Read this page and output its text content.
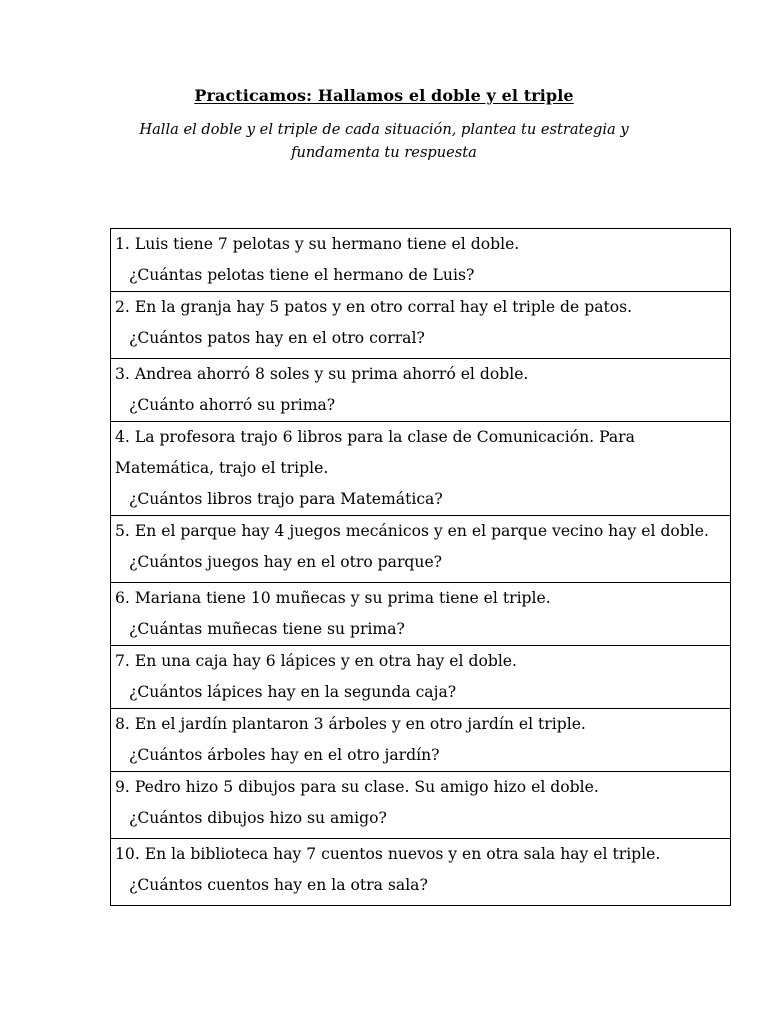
Practicamos: Hallamos el doble y el triple
Halla el doble y el triple de cada situación, plantea tu estrategia y
fundamenta tu respuesta
1. Luis tiene 7 pelotas y su hermano tiene el doble.
¿Cuántas pelotas tiene el hermano de Luis?

2. En la granja hay 5 patos y en otro corral hay el triple de patos.
¿Cuántos patos hay en el otro corral?

3. Andrea ahorró 8 soles y su prima ahorró el doble.
¿Cuánto ahorró su prima?

4. La profesora trajo 6 libros para la clase de Comunicación. Para Matemática, trajo el triple.
¿Cuántos libros trajo para Matemática?

5. En el parque hay 4 juegos mecánicos y en el parque vecino hay el doble.
¿Cuántos juegos hay en el otro parque?

6. Mariana tiene 10 muñecas y su prima tiene el triple.
¿Cuántas muñecas tiene su prima?

7. En una caja hay 6 lápices y en otra hay el doble.
¿Cuántos lápices hay en la segunda caja?

8. En el jardín plantaron 3 árboles y en otro jardín el triple.
¿Cuántos árboles hay en el otro jardín?

9. Pedro hizo 5 dibujos para su clase. Su amigo hizo el doble.
¿Cuántos dibujos hizo su amigo?

10. En la biblioteca hay 7 cuentos nuevos y en otra sala hay el triple.
¿Cuántos cuentos hay en la otra sala?
